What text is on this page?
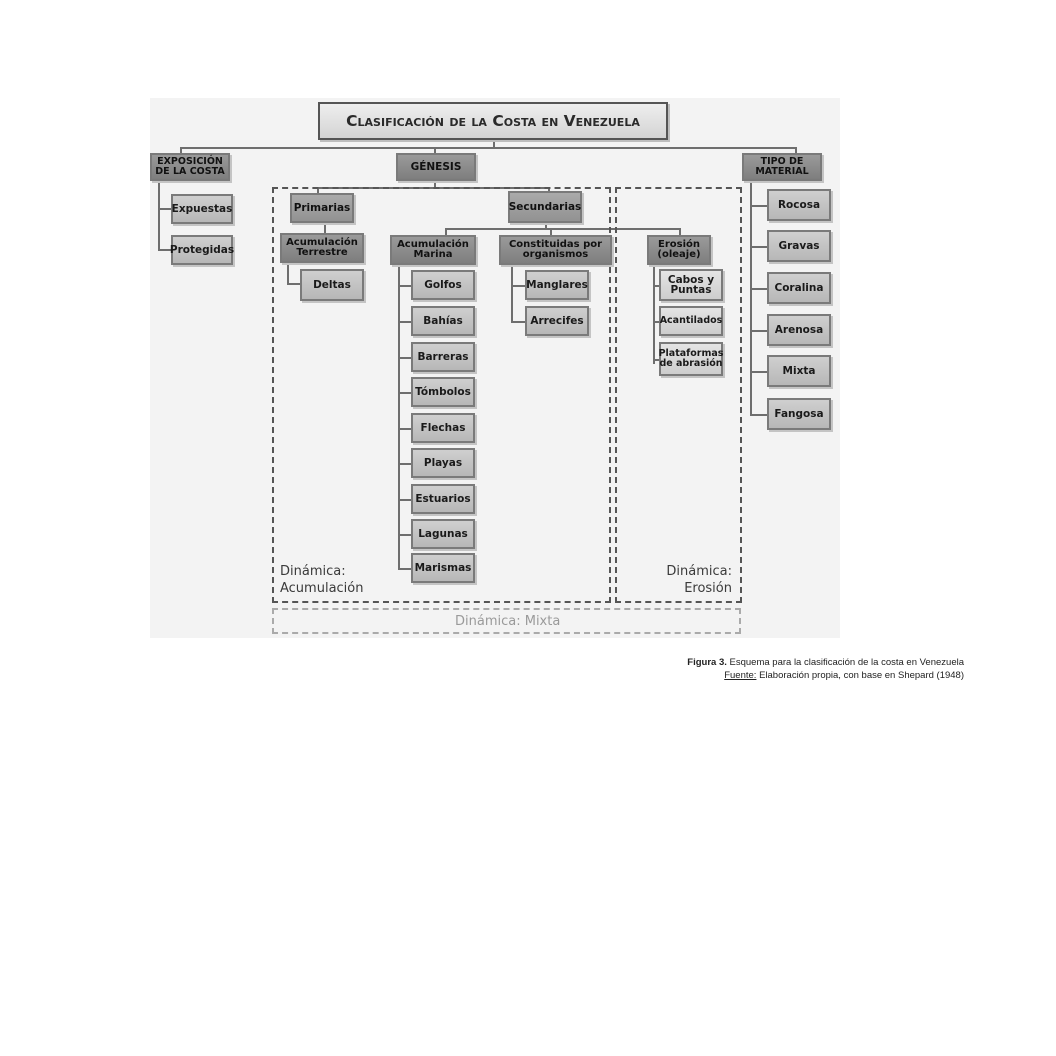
Dinámica: Acumulación
Dinámica: Erosión
Dinámica: Mixta
Clasificación de la Costa en Venezuela
EXPOSICIÓN DE LA COSTA	GÉNESIS	TIPO DE MATERIAL
Expuestas
Protegidas
Primarias	Secundarias
Acumulación Terrestre
Acumulación Marina
Constituidas por organismos
Erosión (oleaje)
Deltas	Golfos
Bahías
Barreras
Tómbolos
Flechas
Playas
Estuarios
Lagunas
Marismas
Manglares
Arrecifes
Cabos y Puntas
Acantilados
Plataformas de abrasión
Rocosa
Gravas
Coralina
Arenosa
Mixta
Fangosa
Figura 3. Esquema para la clasificación de la costa en Venezuela
Fuente: Elaboración propia, con base en Shepard (1948)
